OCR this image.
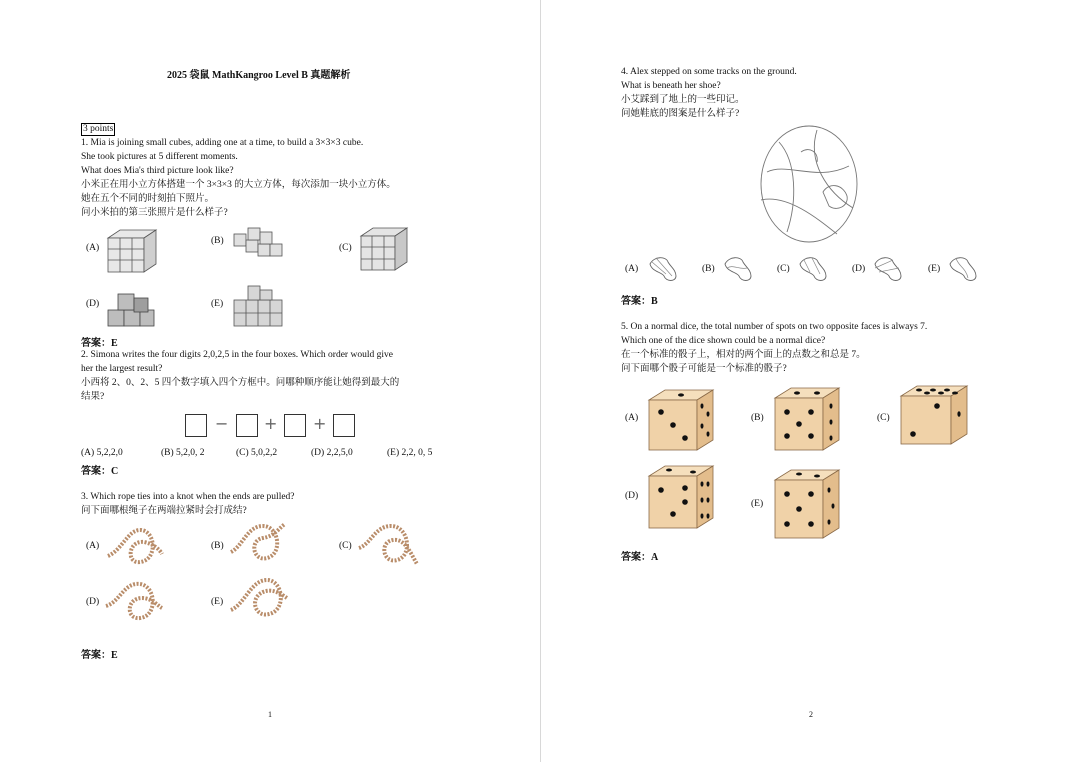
2025 袋鼠 MathKangroo Level B 真题解析
3 points
1. Mia is joining small cubes, adding one at a time, to build a 3×3×3 cube.
She took pictures at 5 different moments.
What does Mia's third picture look like?
小米正在用小立方体搭建一个 3×3×3 的大立方体，每次添加一块小立方体。
她在五个不同的时刻拍下照片。
问小米拍的第三张照片是什么样子?
(A)
(B)
(C)
(D)	(E)
答案：E
2. Simona writes the four digits 2,0,2,5 in the four boxes. Which order would give
her the largest result?
小西将 2、0、2、5 四个数字填入四个方框中。问哪种顺序能让她得到最大的
结果?
− + +
(A) 5,2,2,0	(B) 5,2,0, 2	(C) 5,0,2,2	(D) 2,2,5,0	(E) 2,2, 0, 5
答案：C
3. Which rope ties into a knot when the ends are pulled?
问下面哪根绳子在两端拉紧时会打成结?
(A)	(B)	(C)
(D)	(E)
答案：E
1
4. Alex stepped on some tracks on the ground.
What is beneath her shoe?
小艾踩到了地上的一些印记。
问她鞋底的图案是什么样子?
(A)	(B)	(C)	(D)	(E)
答案：B
5. On a normal dice, the total number of spots on two opposite faces is always 7.
Which one of the dice shown could be a normal dice?
在一个标准的骰子上，相对的两个面上的点数之和总是 7。
问下面哪个骰子可能是一个标准的骰子?
(A)	(B)	(C)
(D)
(E)
答案：A
2
